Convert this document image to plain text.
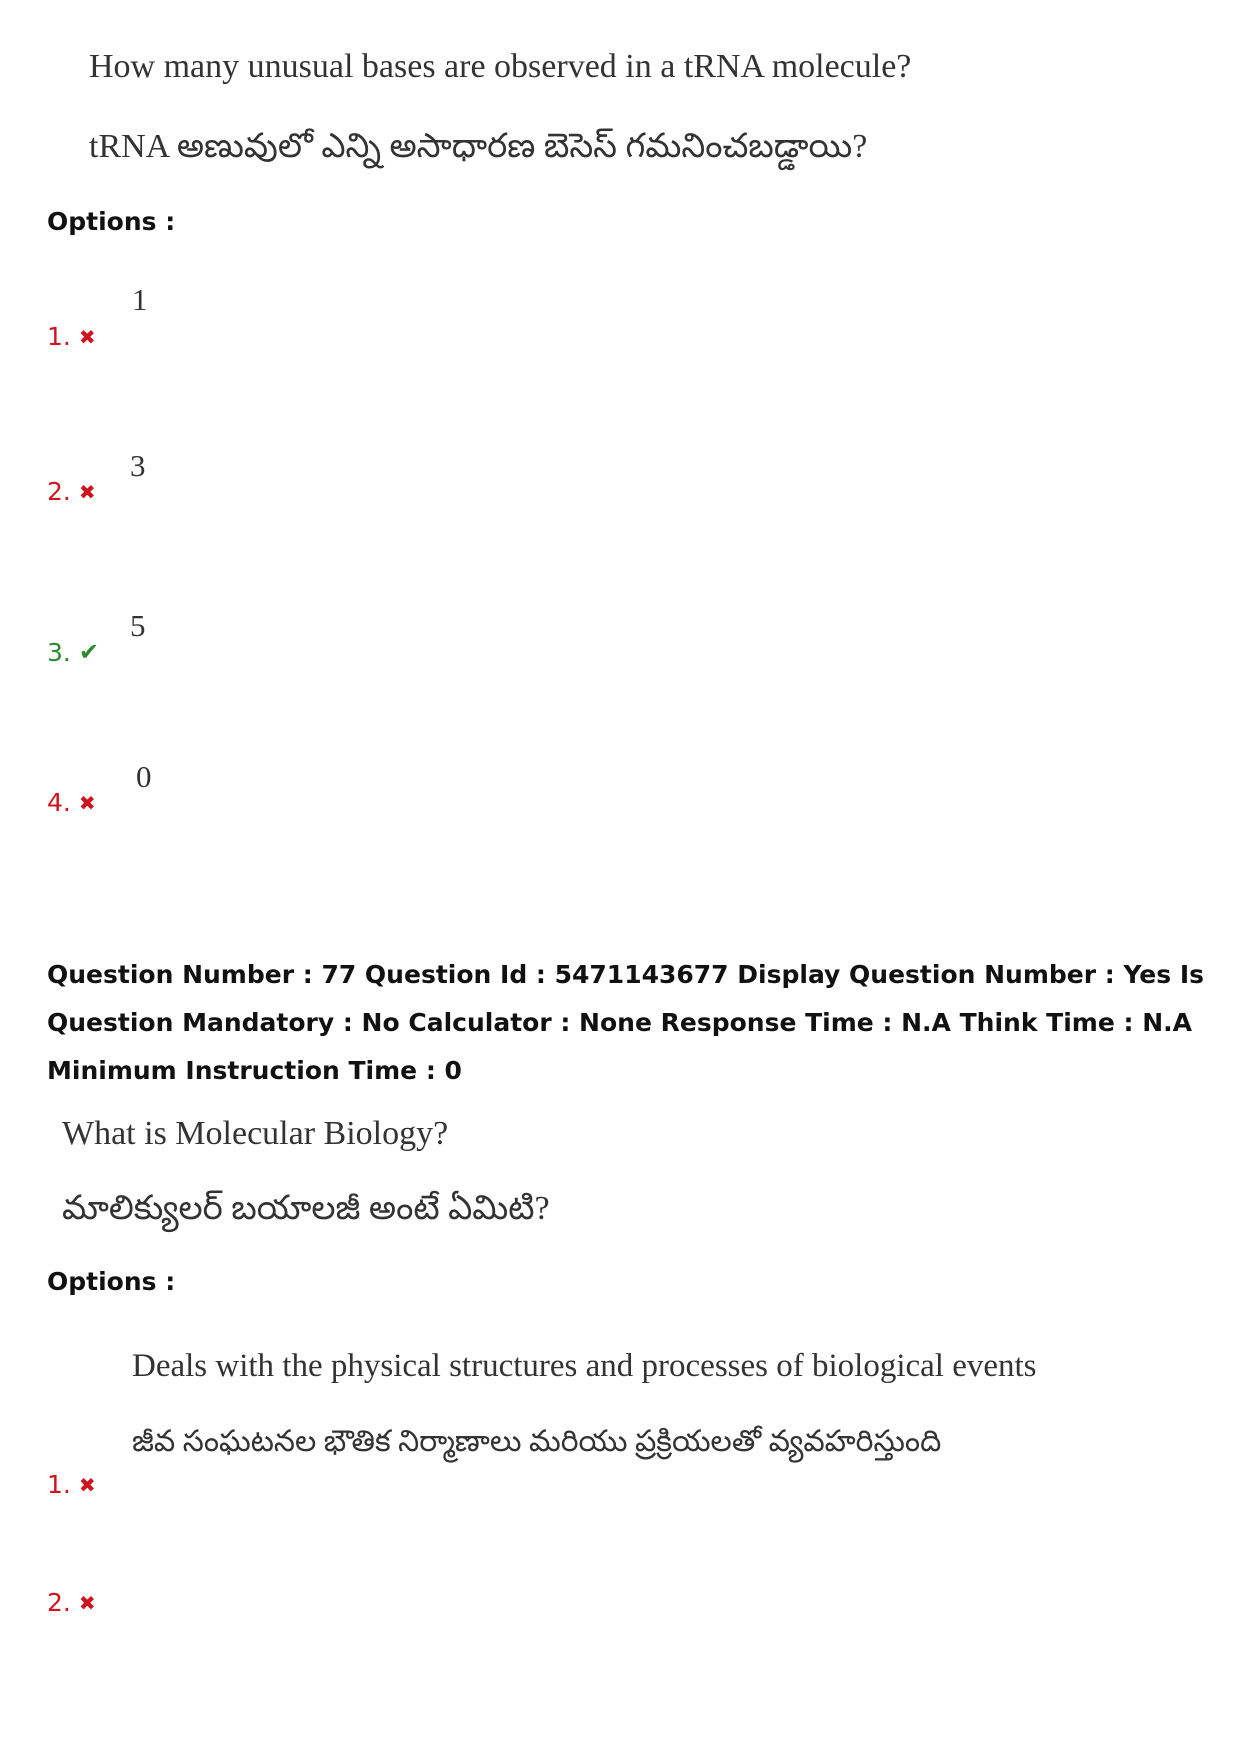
How many unusual bases are observed in a tRNA molecule?
tRNA అణువులో ఎన్ని అసాధారణ బెసెస్ గమనించబడ్డాయి?
Options :
1. ✖
1
2. ✖
3
3. ✔
5
4. ✖
0
Question Number : 77 Question Id : 5471143677 Display Question Number : Yes Is Question Mandatory : No Calculator : None Response Time : N.A Think Time : N.A Minimum Instruction Time : 0
What is Molecular Biology?
మాలిక్యులర్ బయాలజీ అంటే ఏమిటి?
Options :
Deals with the physical structures and processes of biological events
జీవ సంఘటనల భౌతిక నిర్మాణాలు మరియు ప్రక్రియలతో వ్యవహరిస్తుంది
1. ✖
2. ✖
